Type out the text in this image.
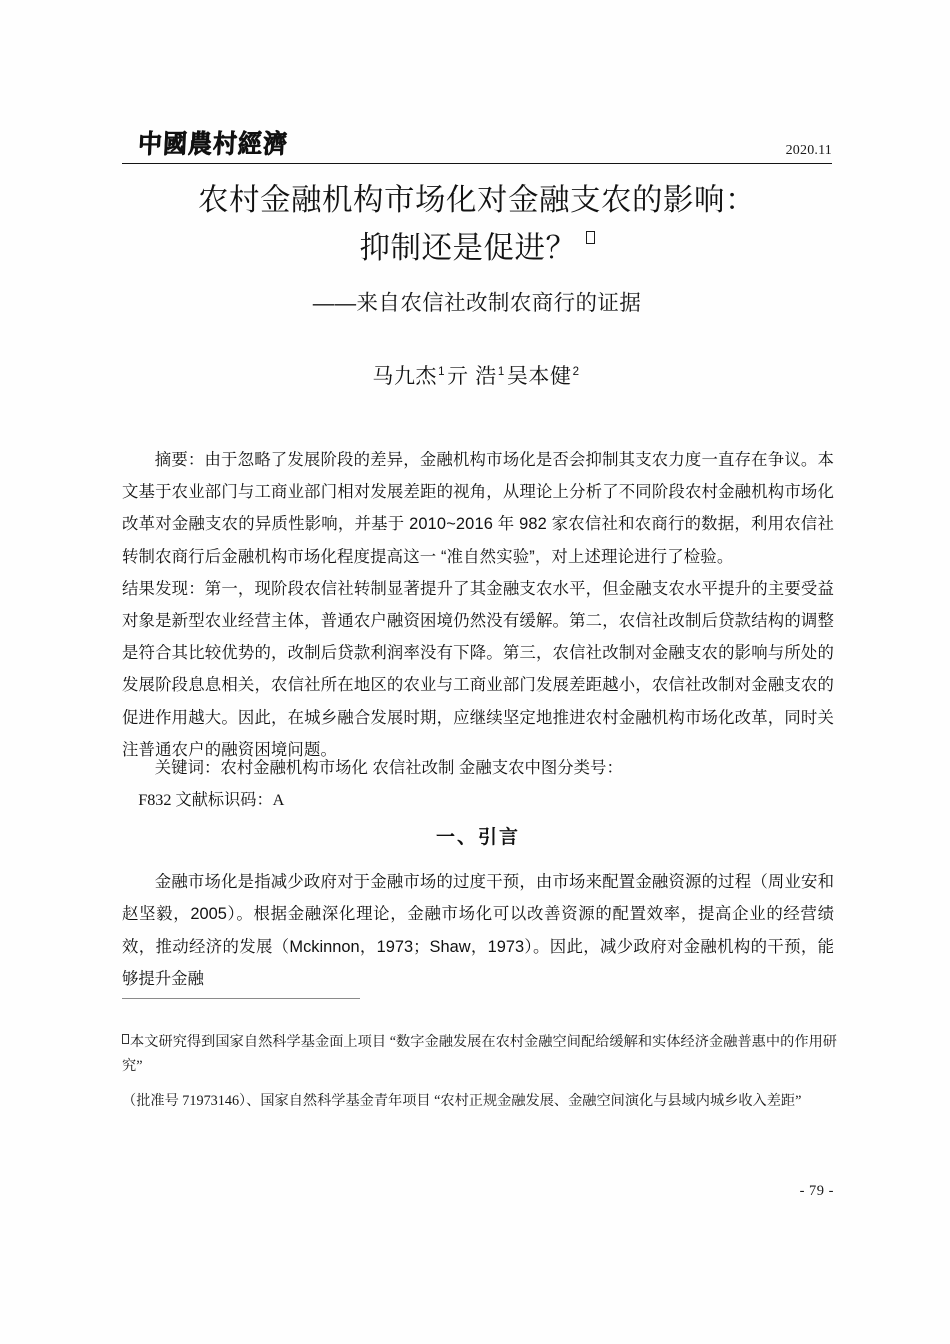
中國農村經濟	2020.11
农村金融机构市场化对金融支农的影响：
抑制还是促进？
——来自农信社改制农商行的证据
马九杰$^1$亓 浩$^1$吴本健$^2$

摘要：由于忽略了发展阶段的差异，金融机构市场化是否会抑制其支农力度一直存在争议。本文基于农业部门与工商业部门相对发展差距的视角，从理论上分析了不同阶段农村金融机构市场化改革对金融支农的异质性影响，并基于 2010~2016 年 982 家农信社和农商行的数据，利用农信社转制农商行后金融机构市场化程度提高这一 “准自然实验”，对上述理论进行了检验。

结果发现：第一，现阶段农信社转制显著提升了其金融支农水平，但金融支农水平提升的主要受益对象是新型农业经营主体，普通农户融资困境仍然没有缓解。第二，农信社改制后贷款结构的调整是符合其比较优势的，改制后贷款利润率没有下降。第三，农信社改制对金融支农的影响与所处的发展阶段息息相关，农信社所在地区的农业与工商业部门发展差距越小，农信社改制对金融支农的促进作用越大。因此，在城乡融合发展时期，应继续坚定地推进农村金融机构市场化改革，同时关注普通农户的融资困境问题。

关键词：农村金融机构市场化 农信社改制 金融支农中图分类号：
F832 文献标识码：A
一、引言
金融市场化是指减少政府对于金融市场的过度干预，由市场来配置金融资源的过程（周业安和赵坚毅，2005）。根据金融深化理论，金融市场化可以改善资源的配置效率，提高企业的经营绩效，推动经济的发展（Mckinnon，1973；Shaw，1973）。因此，减少政府对金融机构的干预，能够提升金融

本文研究得到国家自然科学基金面上项目 “数字金融发展在农村金融空间配给缓解和实体经济金融普惠中的作用研究”

（批准号 71973146）、国家自然科学基金青年项目 “农村正规金融发展、金融空间演化与县域内城乡收入差距”

- 79 -
